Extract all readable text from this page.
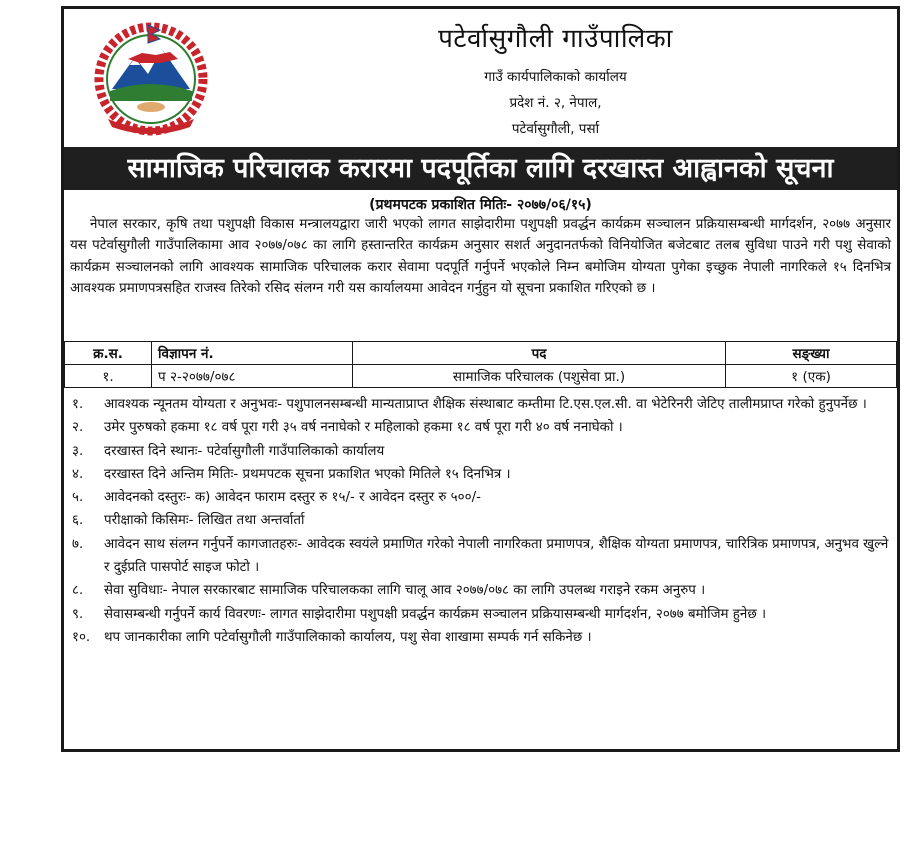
पटेर्वासुगौली गाउँपालिका
गाउँ कार्यपालिकाको कार्यालय
प्रदेश नं. २, नेपाल,
पटेर्वासुगौली, पर्सा
सामाजिक परिचालक करारमा पदपूर्तिका लागि दरखास्त आह्वानको सूचना
(प्रथमपटक प्रकाशित मितिः- २०७७/०६/१५)
नेपाल सरकार, कृषि तथा पशुपक्षी विकास मन्त्रालयद्वारा जारी भएको लागत साझेदारीमा पशुपक्षी प्रवर्द्धन कार्यक्रम सञ्चालन प्रक्रियासम्बन्धी मार्गदर्शन, २०७७ अनुसार यस पटेर्वासुगौली गाउँपालिकामा आव २०७७/०७८ का लागि हस्तान्तरित कार्यक्रम अनुसार सशर्त अनुदानतर्फको विनियोजित बजेटबाट तलब सुविधा पाउने गरी पशु सेवाको कार्यक्रम सञ्चालनको लागि आवश्यक सामाजिक परिचालक करार सेवामा पदपूर्ति गर्नुपर्ने भएकोले निम्न बमोजिम योग्यता पुगेका इच्छुक नेपाली नागरिकले १५ दिनभित्र आवश्यक प्रमाणपत्रसहित राजस्व तिरेको रसिद संलग्न गरी यस कार्यालयमा आवेदन गर्नुहुन यो सूचना प्रकाशित गरिएको छ ।
क्र.स.	विज्ञापन नं.	पद	सङ्ख्या
१.	प २-२०७७/०७८	सामाजिक परिचालक (पशुसेवा प्रा.)	१ (एक)
१. आवश्यक न्यूनतम योग्यता र अनुभवः- पशुपालनसम्बन्धी मान्यताप्राप्त शैक्षिक संस्थाबाट कम्तीमा टि.एस.एल.सी. वा भेटेरिनरी जेटिए तालीमप्राप्त गरेको हुनुपर्नेछ ।
२. उमेर पुरुषको हकमा १८ वर्ष पूरा गरी ३५ वर्ष ननाघेको र महिलाको हकमा १८ वर्ष पूरा गरी ४० वर्ष ननाघेको ।
३. दरखास्त दिने स्थानः- पटेर्वासुगौली गाउँपालिकाको कार्यालय
४. दरखास्त दिने अन्तिम मितिः- प्रथमपटक सूचना प्रकाशित भएको मितिले १५ दिनभित्र ।
५. आवेदनको दस्तुरः- क) आवेदन फाराम दस्तुर रु १५/- र आवेदन दस्तुर रु ५००/-
६. परीक्षाको किसिमः- लिखित तथा अन्तर्वार्ता
७. आवेदन साथ संलग्न गर्नुपर्ने कागजातहरुः- आवेदक स्वयंले प्रमाणित गरेको नेपाली नागरिकता प्रमाणपत्र, शैक्षिक योग्यता प्रमाणपत्र, चारित्रिक प्रमाणपत्र, अनुभव खुल्ने र दुईप्रति पासपोर्ट साइज फोटो ।
८. सेवा सुविधाः- नेपाल सरकारबाट सामाजिक परिचालकका लागि चालू आव २०७७/०७८ का लागि उपलब्ध गराइने रकम अनुरुप ।
९. सेवासम्बन्धी गर्नुपर्ने कार्य विवरणः- लागत साझेदारीमा पशुपक्षी प्रवर्द्धन कार्यक्रम सञ्चालन प्रक्रियासम्बन्धी मार्गदर्शन, २०७७ बमोजिम हुनेछ ।
१०. थप जानकारीका लागि पटेर्वासुगौली गाउँपालिकाको कार्यालय, पशु सेवा शाखामा सम्पर्क गर्न सकिनेछ ।
